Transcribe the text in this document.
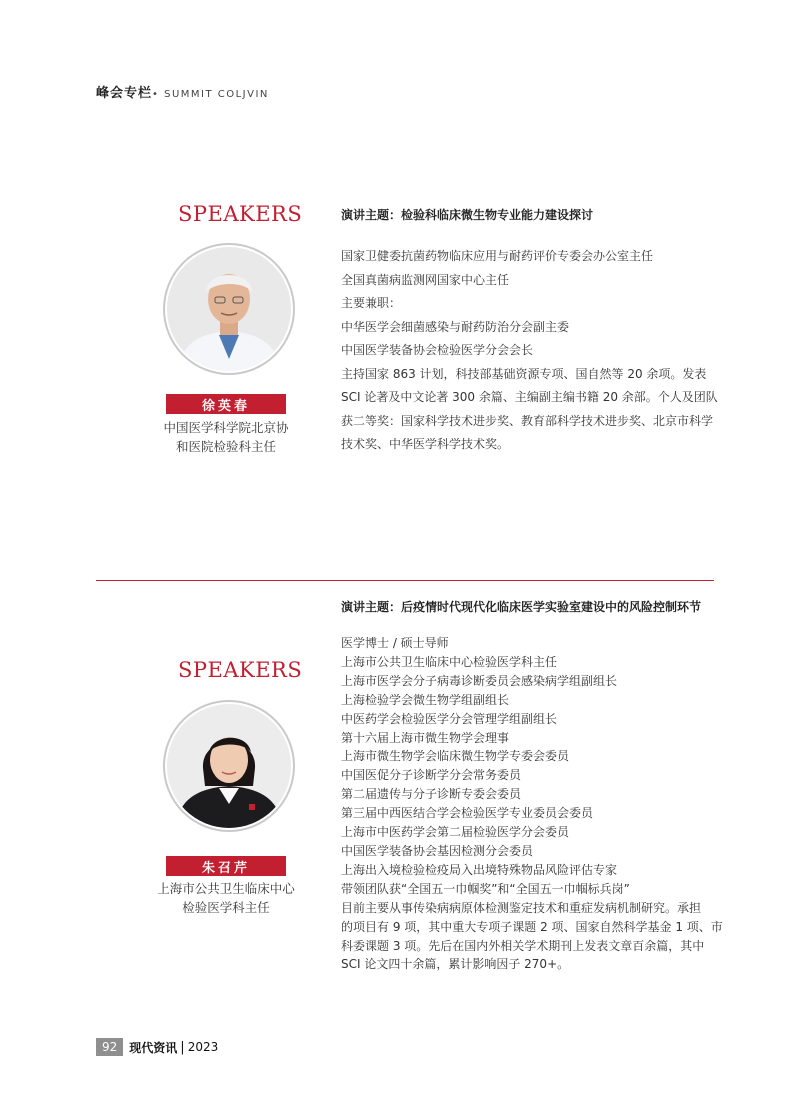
峰会专栏• SUMMIT COLJVIN
SPEAKERS
徐英春
中国医学科学院北京协
和医院检验科主任
演讲主题：检验科临床微生物专业能力建设探讨

国家卫健委抗菌药物临床应用与耐药评价专委会办公室主任

全国真菌病监测网国家中心主任

主要兼职：

中华医学会细菌感染与耐药防治分会副主委

中国医学装备协会检验医学分会会长

主持国家 863 计划，科技部基础资源专项、国自然等 20 余项。发表

SCI 论著及中文论著 300 余篇、主编副主编书籍 20 余部。个人及团队

获二等奖：国家科学技术进步奖、教育部科学技术进步奖、北京市科学

技术奖、中华医学科学技术奖。

演讲主题：后疫情时代现代化临床医学实验室建设中的风险控制环节
SPEAKERS
朱召芹
上海市公共卫生临床中心
检验医学科主任

医学博士 / 硕士导师

上海市公共卫生临床中心检验医学科主任

上海市医学会分子病毒诊断委员会感染病学组副组长

上海检验学会微生物学组副组长

中医药学会检验医学分会管理学组副组长

第十六届上海市微生物学会理事

上海市微生物学会临床微生物学专委会委员

中国医促分子诊断学分会常务委员

第二届遗传与分子诊断专委会委员

第三届中西医结合学会检验医学专业委员会委员

上海市中医药学会第二届检验医学分会委员

中国医学装备协会基因检测分会委员

上海出入境检验检疫局入出境特殊物品风险评估专家

带领团队获“全国五一巾帼奖”和“全国五一巾帼标兵岗”

目前主要从事传染病病原体检测鉴定技术和重症发病机制研究。承担

的项目有 9 项，其中重大专项子课题 2 项、国家自然科学基金 1 项、市

科委课题 3 项。先后在国内外相关学术期刊上发表文章百余篇，其中

SCI 论文四十余篇，累计影响因子 270+。

92	现代资讯 | 2023
